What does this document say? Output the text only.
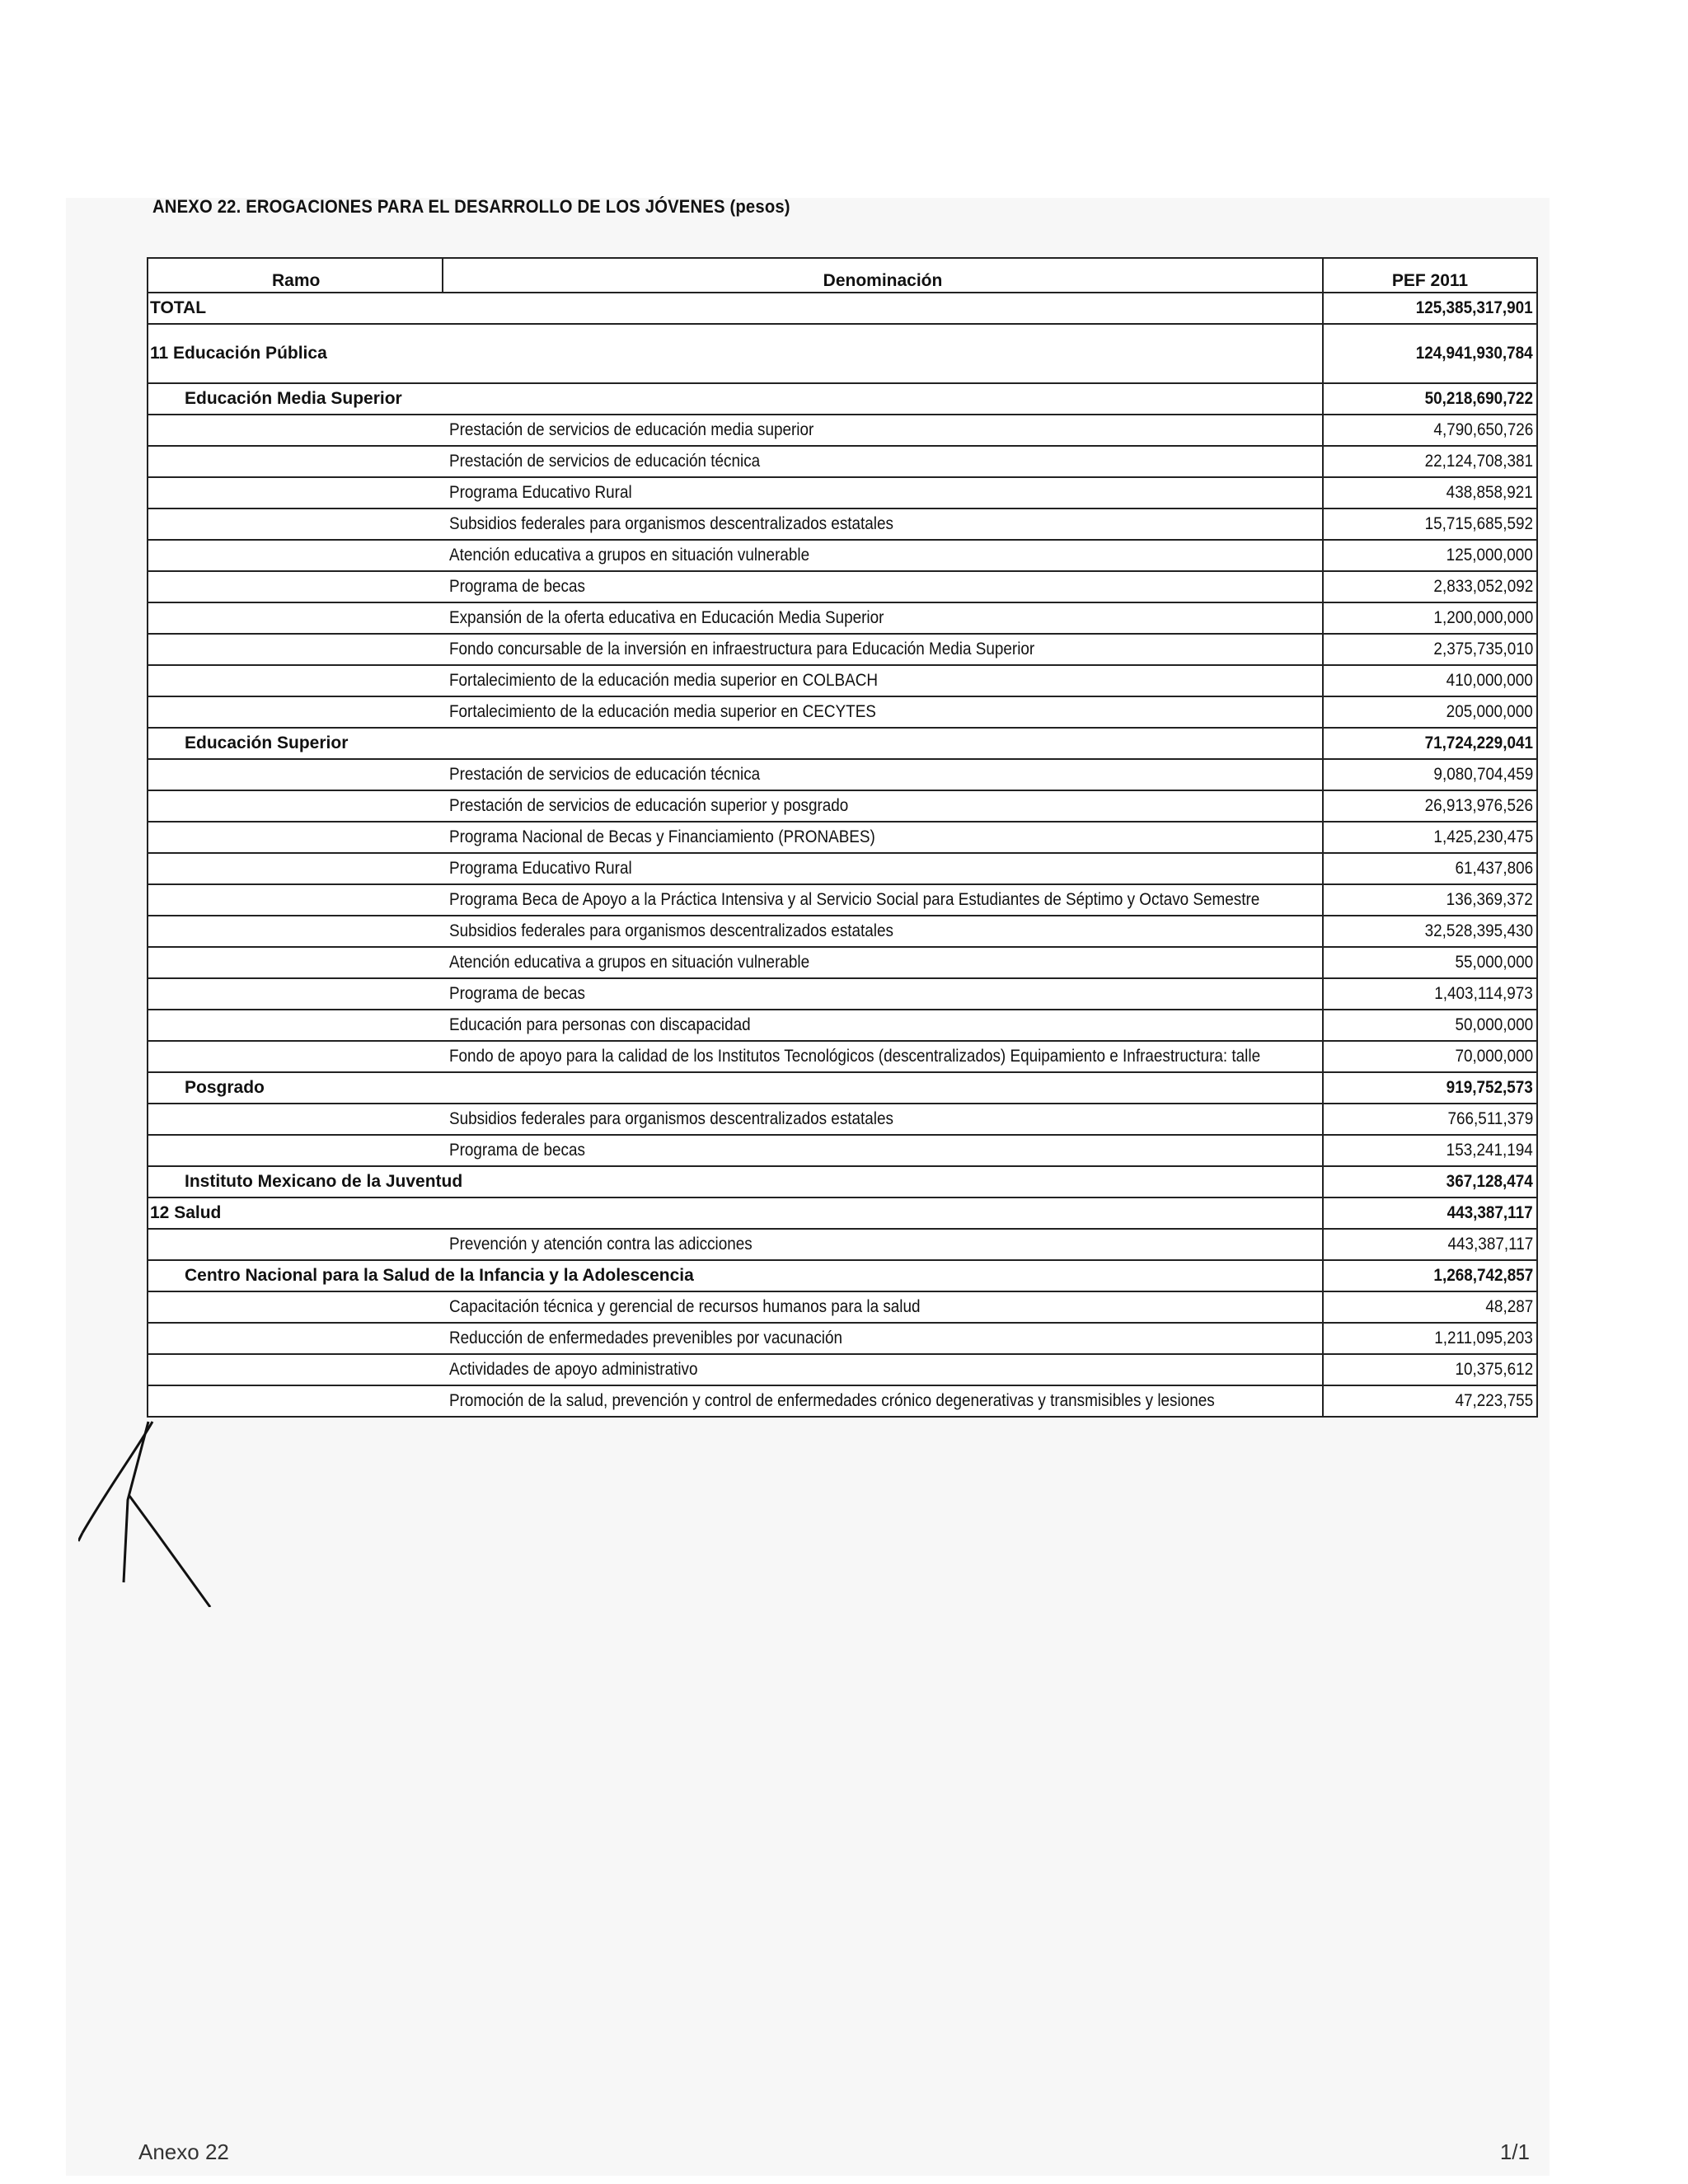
ANEXO 22. EROGACIONES PARA EL DESARROLLO DE LOS JÓVENES (pesos)
Ramo	Denominación	PEF 2011
TOTAL		125,385,317,901
11 Educación Pública		124,941,930,784
Educación Media Superior		50,218,690,722
	Prestación de servicios de educación media superior	4,790,650,726
	Prestación de servicios de educación técnica	22,124,708,381
	Programa Educativo Rural	438,858,921
	Subsidios federales para organismos descentralizados estatales	15,715,685,592
	Atención educativa a grupos en situación vulnerable	125,000,000
	Programa de becas	2,833,052,092
	Expansión de la oferta educativa en Educación Media Superior	1,200,000,000
	Fondo concursable de la inversión en infraestructura para Educación Media Superior	2,375,735,010
	Fortalecimiento de la educación media superior en COLBACH	410,000,000
	Fortalecimiento de la educación media superior en CECYTES	205,000,000
Educación Superior		71,724,229,041
	Prestación de servicios de educación técnica	9,080,704,459
	Prestación de servicios de educación superior y posgrado	26,913,976,526
	Programa Nacional de Becas y Financiamiento (PRONABES)	1,425,230,475
	Programa Educativo Rural	61,437,806
	Programa Beca de Apoyo a la Práctica Intensiva y al Servicio Social para Estudiantes de Séptimo y Octavo Semestre	136,369,372
	Subsidios federales para organismos descentralizados estatales	32,528,395,430
	Atención educativa a grupos en situación vulnerable	55,000,000
	Programa de becas	1,403,114,973
	Educación para personas con discapacidad	50,000,000
	Fondo de apoyo para la calidad de los Institutos Tecnológicos (descentralizados) Equipamiento e Infraestructura: talle	70,000,000
Posgrado		919,752,573
	Subsidios federales para organismos descentralizados estatales	766,511,379
	Programa de becas	153,241,194
Instituto Mexicano de la Juventud		367,128,474
12 Salud		443,387,117
	Prevención y atención contra las adicciones	443,387,117
Centro Nacional para la Salud de la Infancia y la Adolescencia		1,268,742,857
	Capacitación técnica y gerencial de recursos humanos para la salud	48,287
	Reducción de enfermedades prevenibles por vacunación	1,211,095,203
	Actividades de apoyo administrativo	10,375,612
	Promoción de la salud, prevención y control de enfermedades crónico degenerativas y transmisibles y lesiones	47,223,755
Anexo 22	1/1
